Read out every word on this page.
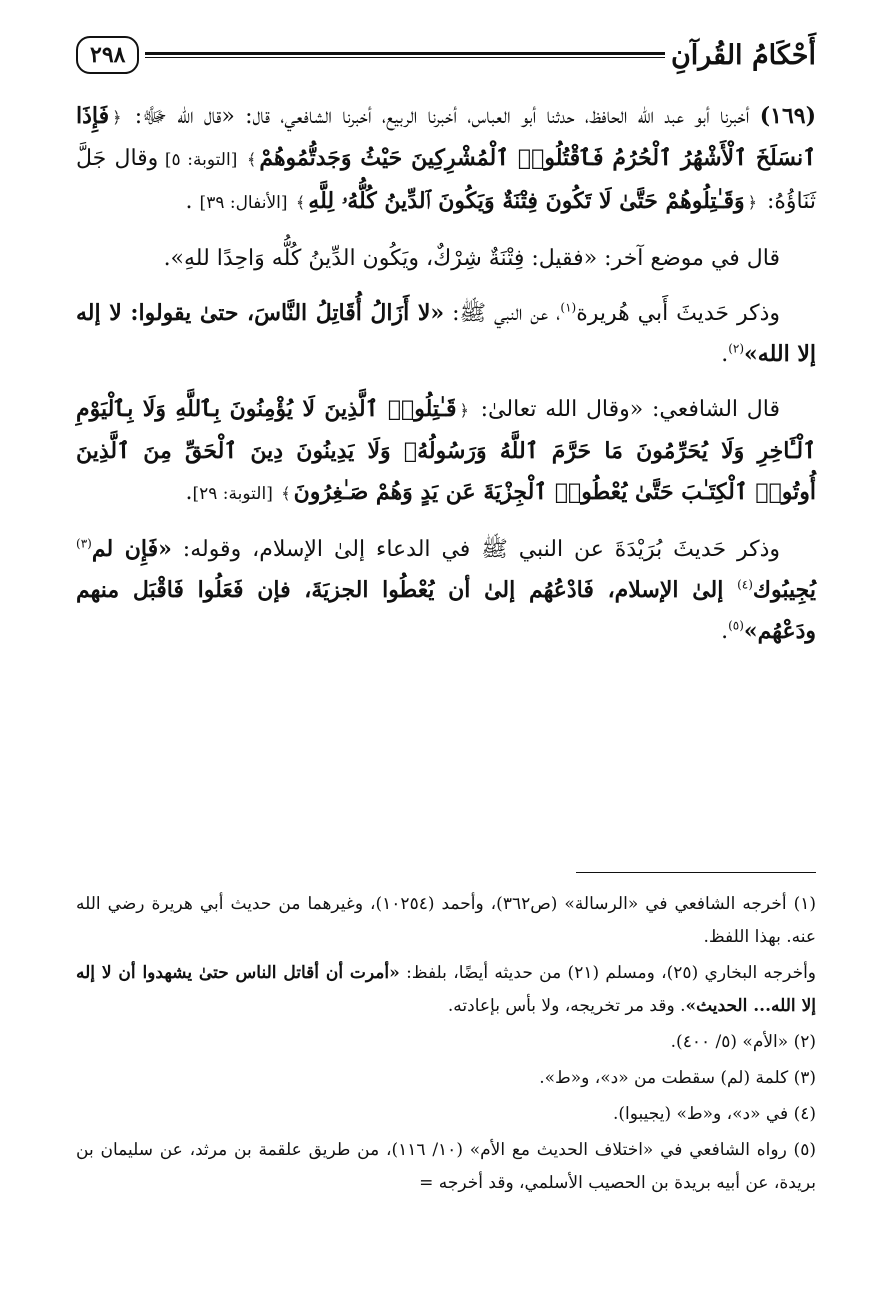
أَحْكَامُ القُرآنِ
٢٩٨

(١٦٩) أخبرنا أبو عبد الله الحافظ، حدثنا أبو العباس، أخبرنا الربيع، أخبرنا الشافعي، قال: «قال الله ﷻ: ﴿فَإِذَا ٱنسَلَخَ ٱلْأَشْهُرُ ٱلْحُرُمُ فَٱقْتُلُوا۟ ٱلْمُشْرِكِينَ حَيْثُ وَجَدتُّمُوهُمْ﴾ [التوبة: ٥] وقال جَلَّ ثَنَاؤُهُ: ﴿وَقَـٰتِلُوهُمْ حَتَّىٰ لَا تَكُونَ فِتْنَةٌ وَيَكُونَ ٱلدِّينُ كُلُّهُۥ لِلَّهِ﴾ [الأنفال: ٣٩] .

قال في موضع آخر: «فقيل: فِتْنَةٌ شِرْكٌ، ويَكُون الدِّينُ كُلُّه وَاحِدًا للهِ».

وذكر حَديثَ أَبي هُريرة$^{(١)}$، عن النبي ﷺ: «لا أَزَالُ أُقَاتِلُ النَّاسَ، حتىٰ يقولوا: لا إله إلا الله»$^{(٢)}$.

قال الشافعي: «وقال الله تعالىٰ: ﴿قَـٰتِلُوا۟ ٱلَّذِينَ لَا يُؤْمِنُونَ بِٱللَّهِ وَلَا بِٱلْيَوْمِ ٱلْـَٔاخِرِ وَلَا يُحَرِّمُونَ مَا حَرَّمَ ٱللَّهُ وَرَسُولُهُۥ وَلَا يَدِينُونَ دِينَ ٱلْحَقِّ مِنَ ٱلَّذِينَ أُوتُوا۟ ٱلْكِتَـٰبَ حَتَّىٰ يُعْطُوا۟ ٱلْجِزْيَةَ عَن يَدٍ وَهُمْ صَـٰغِرُونَ﴾ [التوبة: ٢٩].

وذكر حَديثَ بُرَيْدَةَ عن النبي ﷺ في الدعاء إلىٰ الإسلام، وقوله: «فَإِن لم$^{(٣)}$ يُجِيبُوك$^{(٤)}$ إلىٰ الإسلام، فَادْعُهُم إلىٰ أن يُعْطُوا الجزيَةَ، فإن فَعَلُوا فَاقْبَل منهم ودَعْهُم»$^{(٥)}$.

(١) أخرجه الشافعي في «الرسالة» (ص٣٦٢)، وأحمد (١٠٢٥٤)، وغيرهما من حديث أبي هريرة رضي الله عنه. بهذا اللفظ.

وأخرجه البخاري (٢٥)، ومسلم (٢١) من حديثه أيضًا، بلفظ: «أمرت أن أقاتل الناس حتىٰ يشهدوا أن لا إله إلا الله... الحديث». وقد مر تخريجه، ولا بأس بإعادته.

(٢) «الأم» (٥/ ٤٠٠).

(٣) كلمة (لم) سقطت من «د»، و«ط».

(٤) في «د»، و«ط» (يجيبوا).

(٥) رواه الشافعي في «اختلاف الحديث مع الأم» (١٠/ ١١٦)، من طريق علقمة بن مرثد، عن سليمان بن بريدة، عن أبيه بريدة بن الحصيب الأسلمي، وقد أخرجه =
